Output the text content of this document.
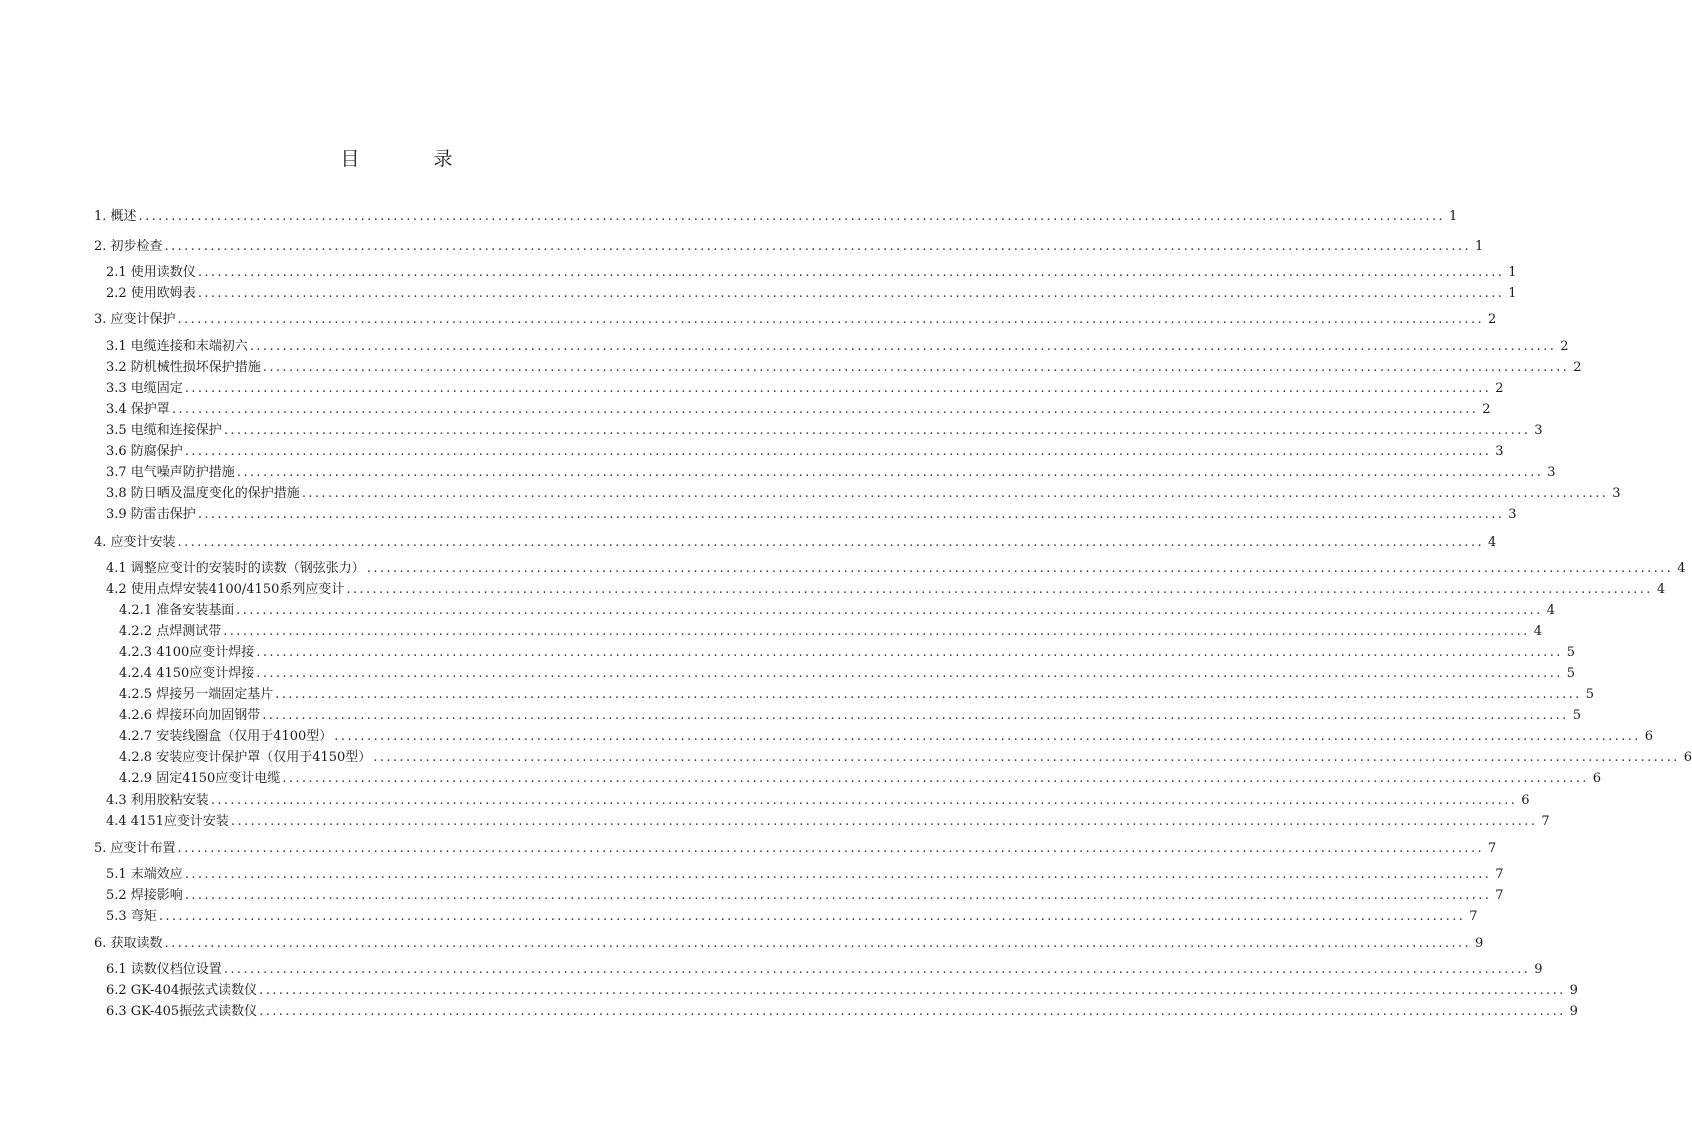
目 录
1. 概述 ........................................................................................................................................................................................................ 1
2. 初步检查 ........................................................................................................................................................................................................ 1
2.1 使用读数仪 ........................................................................................................................................................................................................ 1
2.2 使用欧姆表 ........................................................................................................................................................................................................ 1
3. 应变计保护 ........................................................................................................................................................................................................ 2
3.1 电缆连接和末端初六 ........................................................................................................................................................................................................ 2
3.2 防机械性损坏保护措施 ........................................................................................................................................................................................................ 2
3.3 电缆固定 ........................................................................................................................................................................................................ 2
3.4 保护罩 ........................................................................................................................................................................................................ 2
3.5 电缆和连接保护 ........................................................................................................................................................................................................ 3
3.6 防腐保护 ........................................................................................................................................................................................................ 3
3.7 电气噪声防护措施 ........................................................................................................................................................................................................ 3
3.8 防日晒及温度变化的保护措施 ........................................................................................................................................................................................................ 3
3.9 防雷击保护 ........................................................................................................................................................................................................ 3
4. 应变计安装 ........................................................................................................................................................................................................ 4
4.1 调整应变计的安装时的读数（钢弦张力） ........................................................................................................................................................................................................ 4
4.2 使用点焊安装4100/4150系列应变计 ........................................................................................................................................................................................................ 4
4.2.1 准备安装基面 ........................................................................................................................................................................................................ 4
4.2.2 点焊测试带 ........................................................................................................................................................................................................ 4
4.2.3 4100应变计焊接 ........................................................................................................................................................................................................ 5
4.2.4 4150应变计焊接 ........................................................................................................................................................................................................ 5
4.2.5 焊接另一端固定基片 ........................................................................................................................................................................................................ 5
4.2.6 焊接环向加固钢带 ........................................................................................................................................................................................................ 5
4.2.7 安装线圈盒（仅用于4100型） ........................................................................................................................................................................................................ 6
4.2.8 安装应变计保护罩（仅用于4150型） ........................................................................................................................................................................................................ 6
4.2.9 固定4150应变计电缆 ........................................................................................................................................................................................................ 6
4.3 利用胶粘安装 ........................................................................................................................................................................................................ 6
4.4 4151应变计安装 ........................................................................................................................................................................................................ 7
5. 应变计布置 ........................................................................................................................................................................................................ 7
5.1 末端效应 ........................................................................................................................................................................................................ 7
5.2 焊接影响 ........................................................................................................................................................................................................ 7
5.3 弯矩 ........................................................................................................................................................................................................ 7
6. 获取读数 ........................................................................................................................................................................................................ 9
6.1 读数仪档位设置 ........................................................................................................................................................................................................ 9
6.2 GK-404振弦式读数仪 ........................................................................................................................................................................................................ 9
6.3 GK-405振弦式读数仪 ........................................................................................................................................................................................................ 9
